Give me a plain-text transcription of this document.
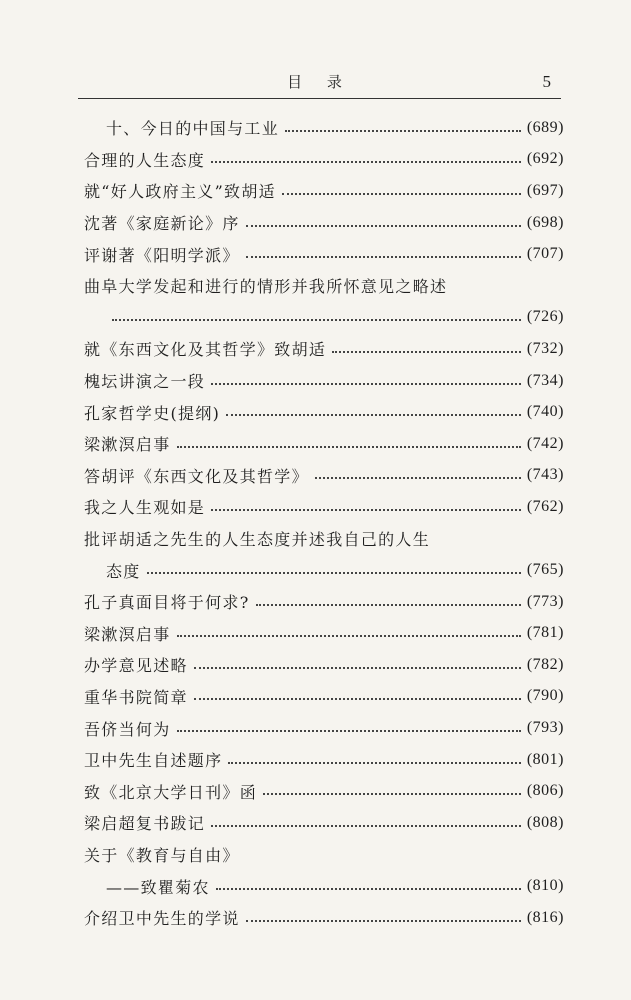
目 录	5
十、今日的中国与工业	(689)
合理的人生态度	(692)
就“好人政府主义”致胡适	(697)
沈著《家庭新论》序	(698)
评谢著《阳明学派》	(707)
曲阜大学发起和进行的情形并我所怀意见之略述
(726)
就《东西文化及其哲学》致胡适	(732)
槐坛讲演之一段	(734)
孔家哲学史(提纲)	(740)
梁漱溟启事	(742)
答胡评《东西文化及其哲学》	(743)
我之人生观如是	(762)
批评胡适之先生的人生态度并述我自己的人生
态度	(765)
孔子真面目将于何求?	(773)
梁漱溟启事	(781)
办学意见述略	(782)
重华书院简章	(790)
吾侪当何为	(793)
卫中先生自述题序	(801)
致《北京大学日刊》函	(806)
梁启超复书跋记	(808)
关于《教育与自由》
——致瞿菊农	(810)
介绍卫中先生的学说	(816)
